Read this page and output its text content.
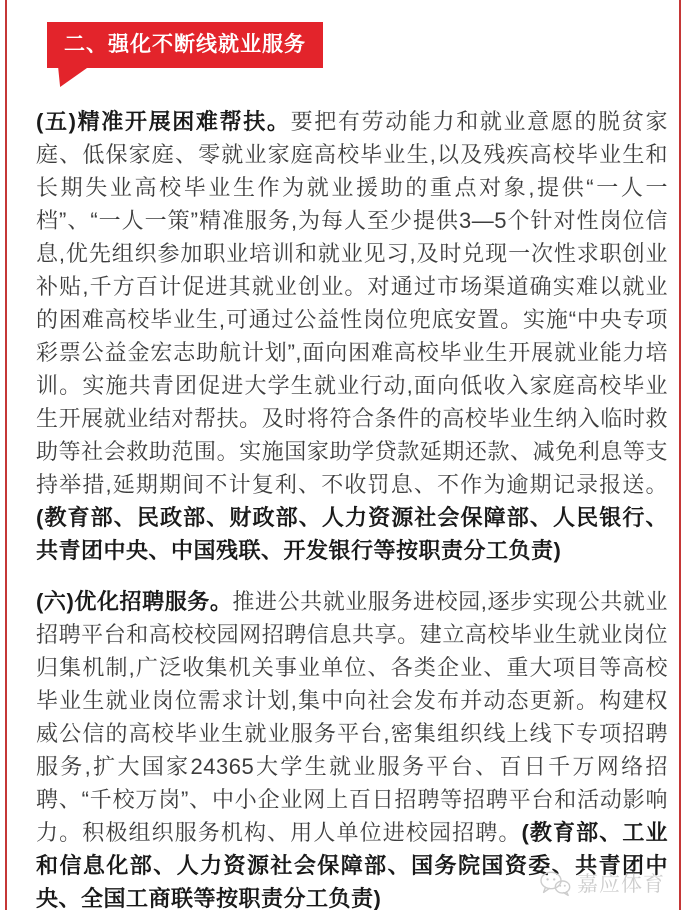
二、强化不断线就业服务

(五)精准开展困难帮扶。要把有劳动能力和就业意愿的脱贫家庭、低保家庭、零就业家庭高校毕业生,以及残疾高校毕业生和长期失业高校毕业生作为就业援助的重点对象,提供“一人一档”、“一人一策”精准服务,为每人至少提供3—5个针对性岗位信息,优先组织参加职业培训和就业见习,及时兑现一次性求职创业补贴,千方百计促进其就业创业。对通过市场渠道确实难以就业的困难高校毕业生,可通过公益性岗位兜底安置。实施“中央专项彩票公益金宏志助航计划”,面向困难高校毕业生开展就业能力培训。实施共青团促进大学生就业行动,面向低收入家庭高校毕业生开展就业结对帮扶。及时将符合条件的高校毕业生纳入临时救助等社会救助范围。实施国家助学贷款延期还款、减免利息等支持举措,延期期间不计复利、不收罚息、不作为逾期记录报送。(教育部、民政部、财政部、人力资源社会保障部、人民银行、共青团中央、中国残联、开发银行等按职责分工负责)

(六)优化招聘服务。推进公共就业服务进校园,逐步实现公共就业招聘平台和高校校园网招聘信息共享。建立高校毕业生就业岗位归集机制,广泛收集机关事业单位、各类企业、重大项目等高校毕业生就业岗位需求计划,集中向社会发布并动态更新。构建权威公信的高校毕业生就业服务平台,密集组织线上线下专项招聘服务,扩大国家24365大学生就业服务平台、百日千万网络招聘、“千校万岗”、中小企业网上百日招聘等招聘平台和活动影响力。积极组织服务机构、用人单位进校园招聘。(教育部、工业和信息化部、人力资源社会保障部、国务院国资委、共青团中央、全国工商联等按职责分工负责)

嘉应体育
